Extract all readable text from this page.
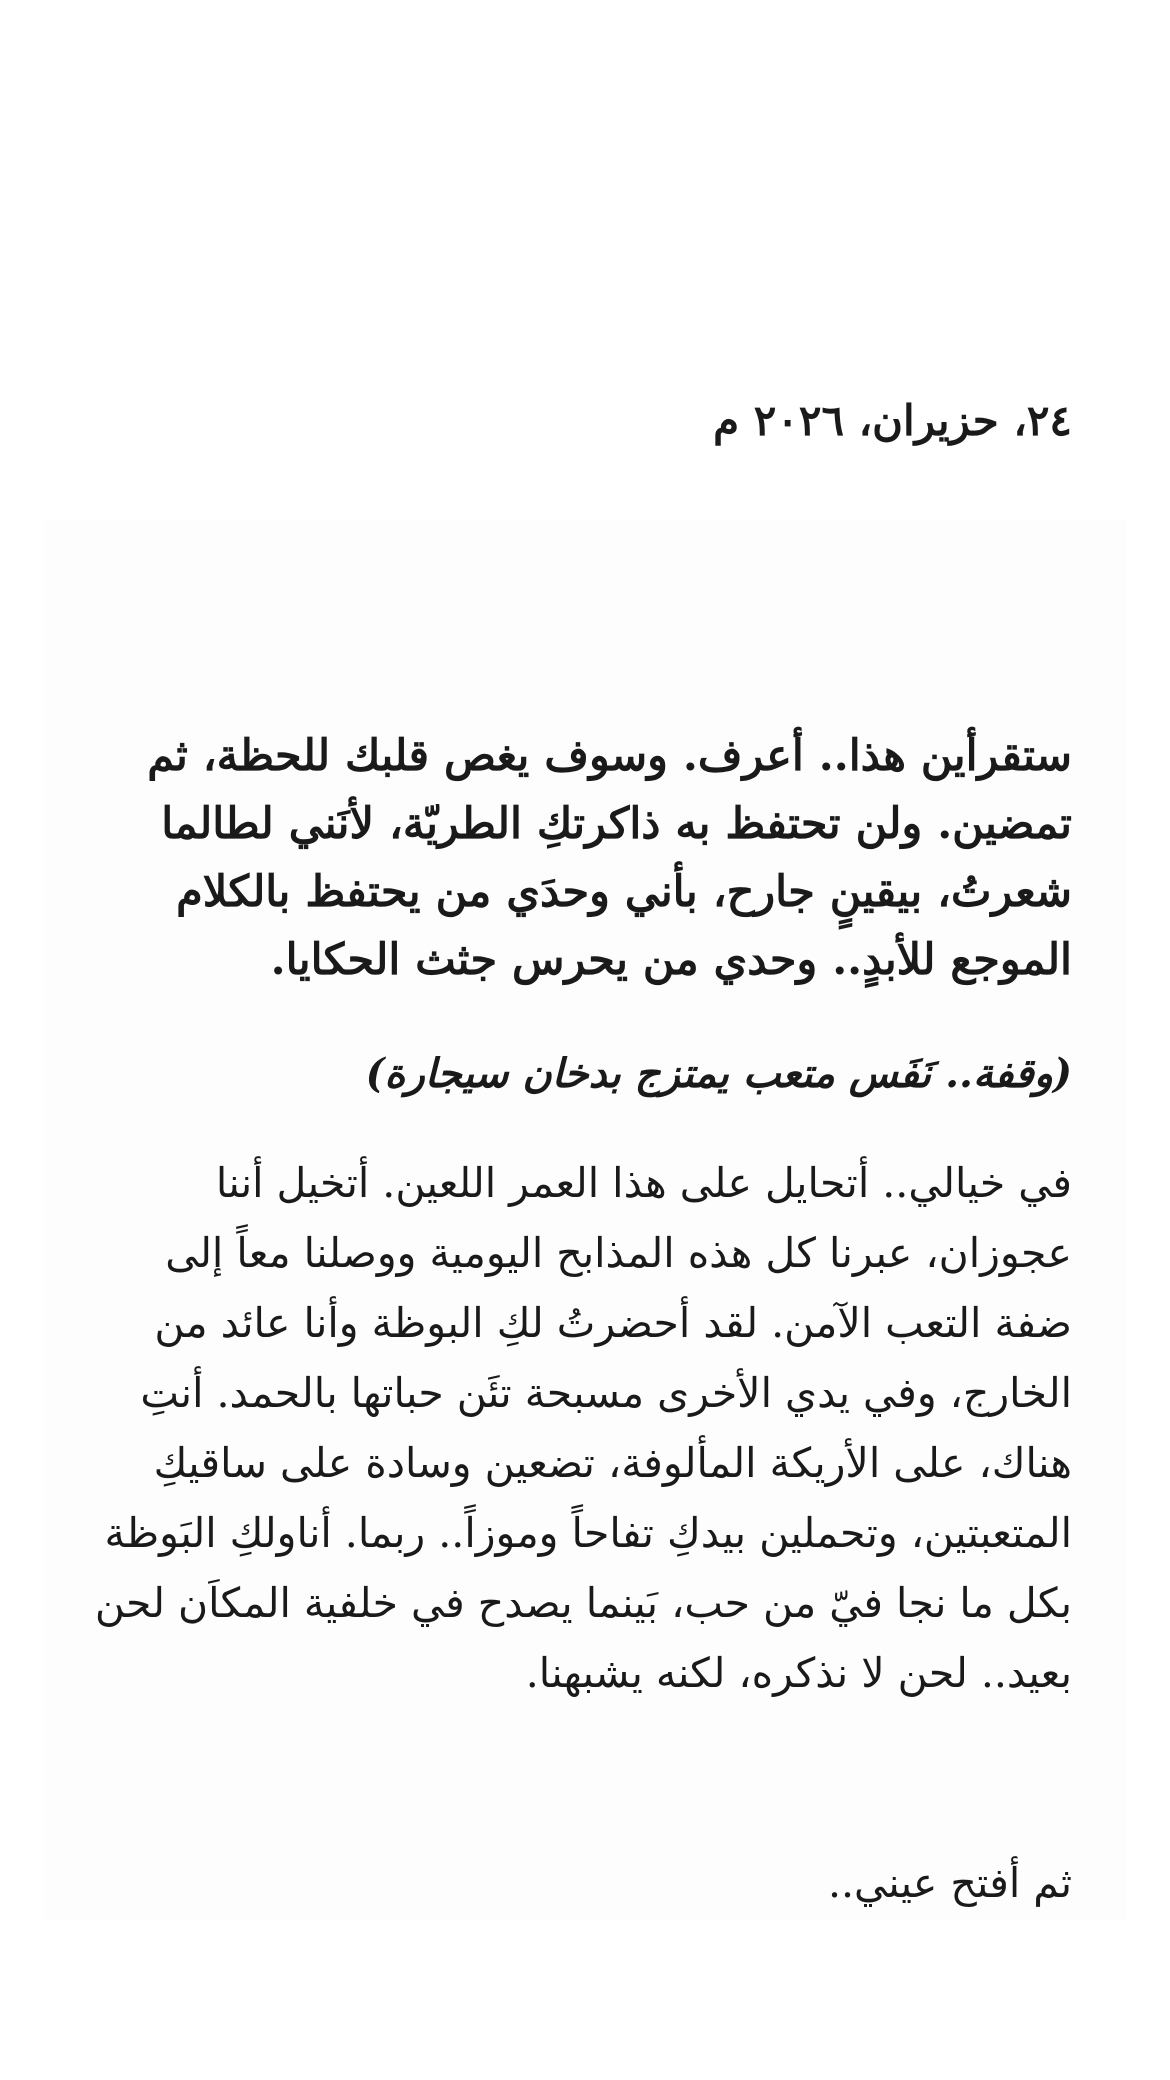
٢٤، حزيران، ٢٠٢٦ م

ستقرأين هذا.. أعرف. وسوف يغص قلبك للحظة، ثم تمضين. ولن تحتفظ به ذاكرتكِ الطريّة، لأنَني لطالما شعرتُ، بيقينٍ جارح، بأني وحدَي من يحتفظ بالكلام الموجع للأبدٍ.. وحدي من يحرس جثث الحكايا.

(وقفة.. نَفَس متعب يمتزج بدخان سيجارة)

في خيالي.. أتحايل على هذا العمر اللعين. أتخيل أننا عجوزان، عبرنا كل هذه المذابح اليومية ووصلنا معاً إلى ضفة التعب الآمن. لقد أحضرتُ لكِ البوظة وأنا عائد من الخارج، وفي يدي الأخرى مسبحة تئَن حباتها بالحمد. أنتِ هناك، على الأريكة المألوفة، تضعين وسادة على ساقيكِ المتعبتين، وتحملين بيدكِ تفاحاً وموزاً.. ربما. أناولكِ البَوظة بكل ما نجا فيّ من حب، بَينما يصدح في خلفية المكاَن لحن بعيد.. لحن لا نذكره، لكنه يشبهنا.

ثم أفتح عيني..
